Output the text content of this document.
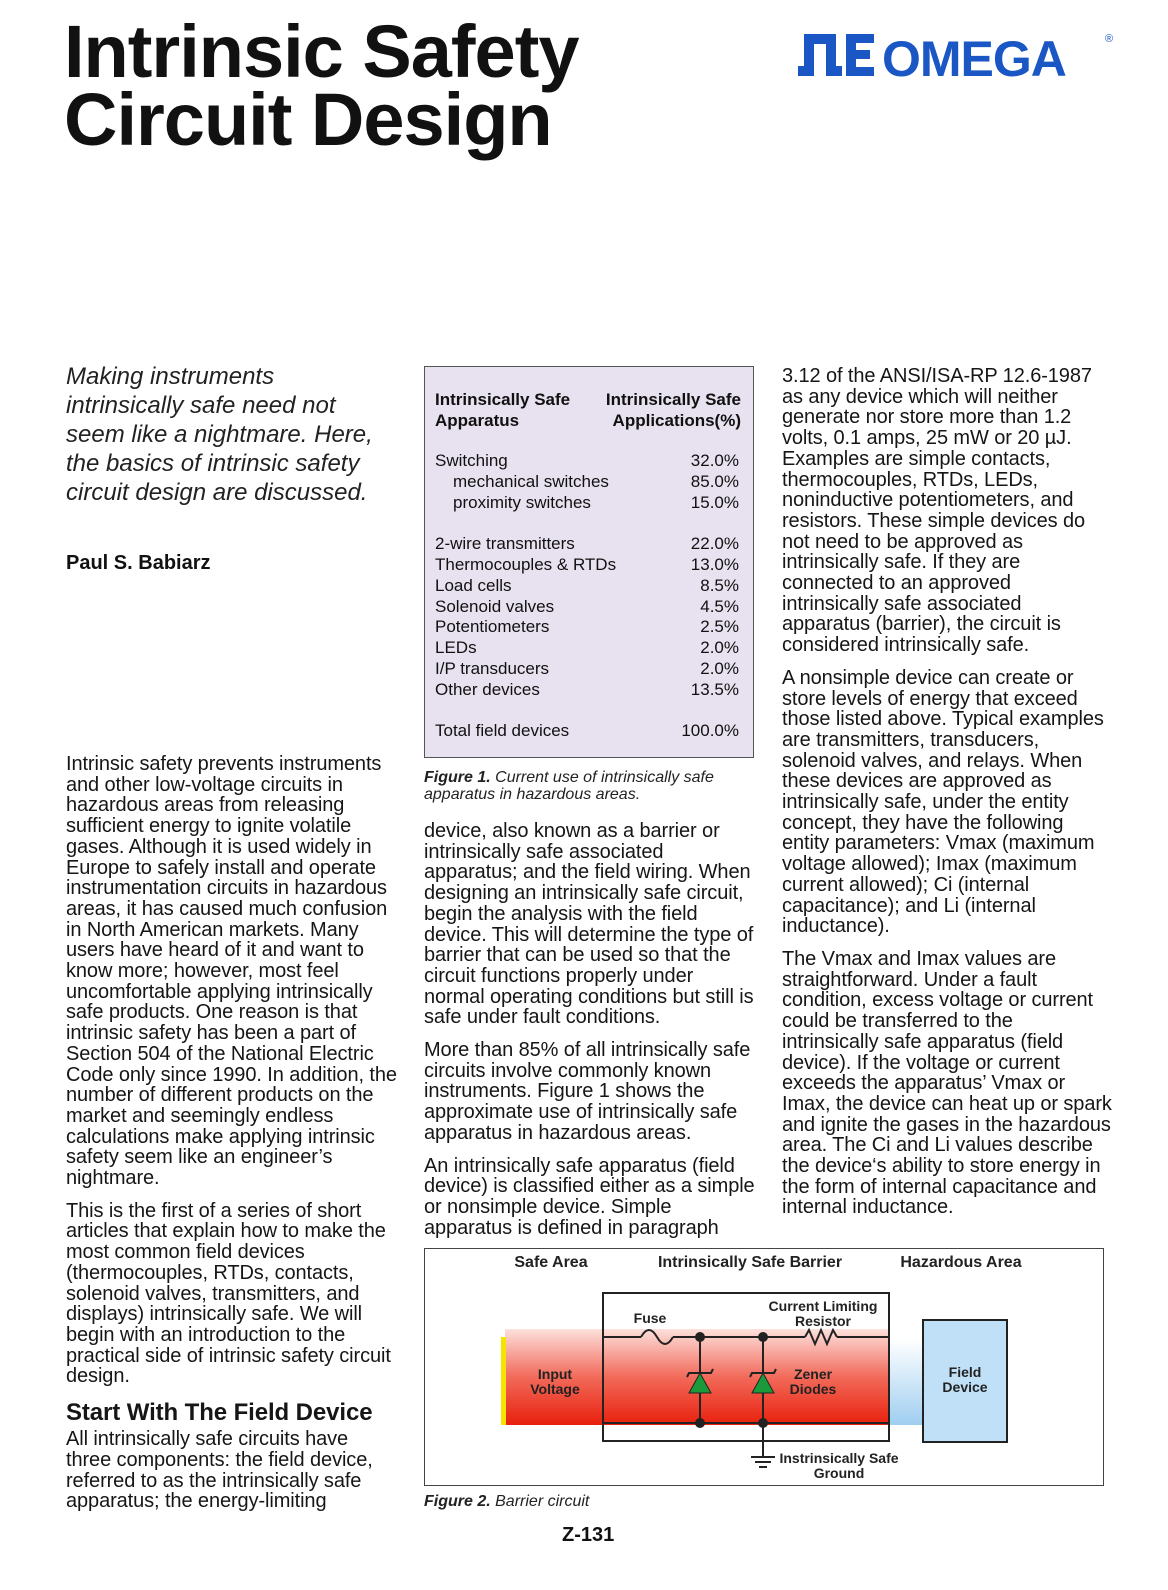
Intrinsic Safety
Circuit Design
OMEGA	®
Making instruments intrinsically safe need not seem like a nightmare. Here, the basics of intrinsic safety circuit design are discussed.
Paul S. Babiarz

Intrinsic safety prevents instruments and other low-voltage circuits in hazardous areas from releasing sufficient energy to ignite volatile gases. Although it is used widely in Europe to safely install and operate instrumentation circuits in hazardous areas, it has caused much confusion in North American markets. Many users have heard of it and want to know more; however, most feel uncomfortable applying intrinsically safe products. One reason is that intrinsic safety has been a part of Section 504 of the National Electric Code only since 1990. In addition, the number of different products on the market and seemingly endless calculations make applying intrinsic safety seem like an engineer’s nightmare.

This is the first of a series of short articles that explain how to make the most common field devices (thermocouples, RTDs, contacts, solenoid valves, transmitters, and displays) intrinsically safe. We will begin with an introduction to the practical side of intrinsic safety circuit design.

Start With The Field Device

All intrinsically safe circuits have three components: the field device, referred to as the intrinsically safe apparatus; the energy-limiting

Intrinsically Safe
Apparatus
Intrinsically Safe
Applications(%)
Switching	32.0%
mechanical switches	85.0%
proximity switches	15.0%
2-wire transmitters	22.0%
Thermocouples & RTDs	13.0%
Load cells	8.5%
Solenoid valves	4.5%
Potentiometers	2.5%
LEDs	2.0%
I/P transducers	2.0%
Other devices	13.5%
Total field devices	100.0%
Figure 1. Current use of intrinsically safe apparatus in hazardous areas.

device, also known as a barrier or intrinsically safe associated apparatus; and the field wiring. When designing an intrinsically safe circuit, begin the analysis with the field device. This will determine the type of barrier that can be used so that the circuit functions properly under normal operating conditions but still is safe under fault conditions.

More than 85% of all intrinsically safe circuits involve commonly known instruments. Figure 1 shows the approximate use of intrinsically safe apparatus in hazardous areas.

An intrinsically safe apparatus (field device) is classified either as a simple or nonsimple device. Simple apparatus is defined in paragraph

3.12 of the ANSI/ISA-RP 12.6-1987 as any device which will neither generate nor store more than 1.2 volts, 0.1 amps, 25 mW or 20 µJ. Examples are simple contacts, thermocouples, RTDs, LEDs, noninductive potentiometers, and resistors. These simple devices do not need to be approved as intrinsically safe. If they are connected to an approved intrinsically safe associated apparatus (barrier), the circuit is considered intrinsically safe.

A nonsimple device can create or store levels of energy that exceed those listed above. Typical examples are transmitters, transducers, solenoid valves, and relays. When these devices are approved as intrinsically safe, under the entity concept, they have the following entity parameters: Vmax (maximum voltage allowed); Imax (maximum current allowed); Ci (internal capacitance); and Li (internal inductance).

The Vmax and Imax values are straightforward. Under a fault condition, excess voltage or current could be transferred to the intrinsically safe apparatus (field device). If the voltage or current exceeds the apparatus’ Vmax or Imax, the device can heat up or spark and ignite the gases in the hazardous area. The Ci and Li values describe the device‘s ability to store energy in the form of internal capacitance and internal inductance.

Safe Area	Intrinsically Safe Barrier	Hazardous Area
Fuse
Current Limiting
Resistor
Input
Voltage
Zener
Diodes
Field
Device
Instrinsically Safe
Ground
Figure 2. Barrier circuit
Z-131
